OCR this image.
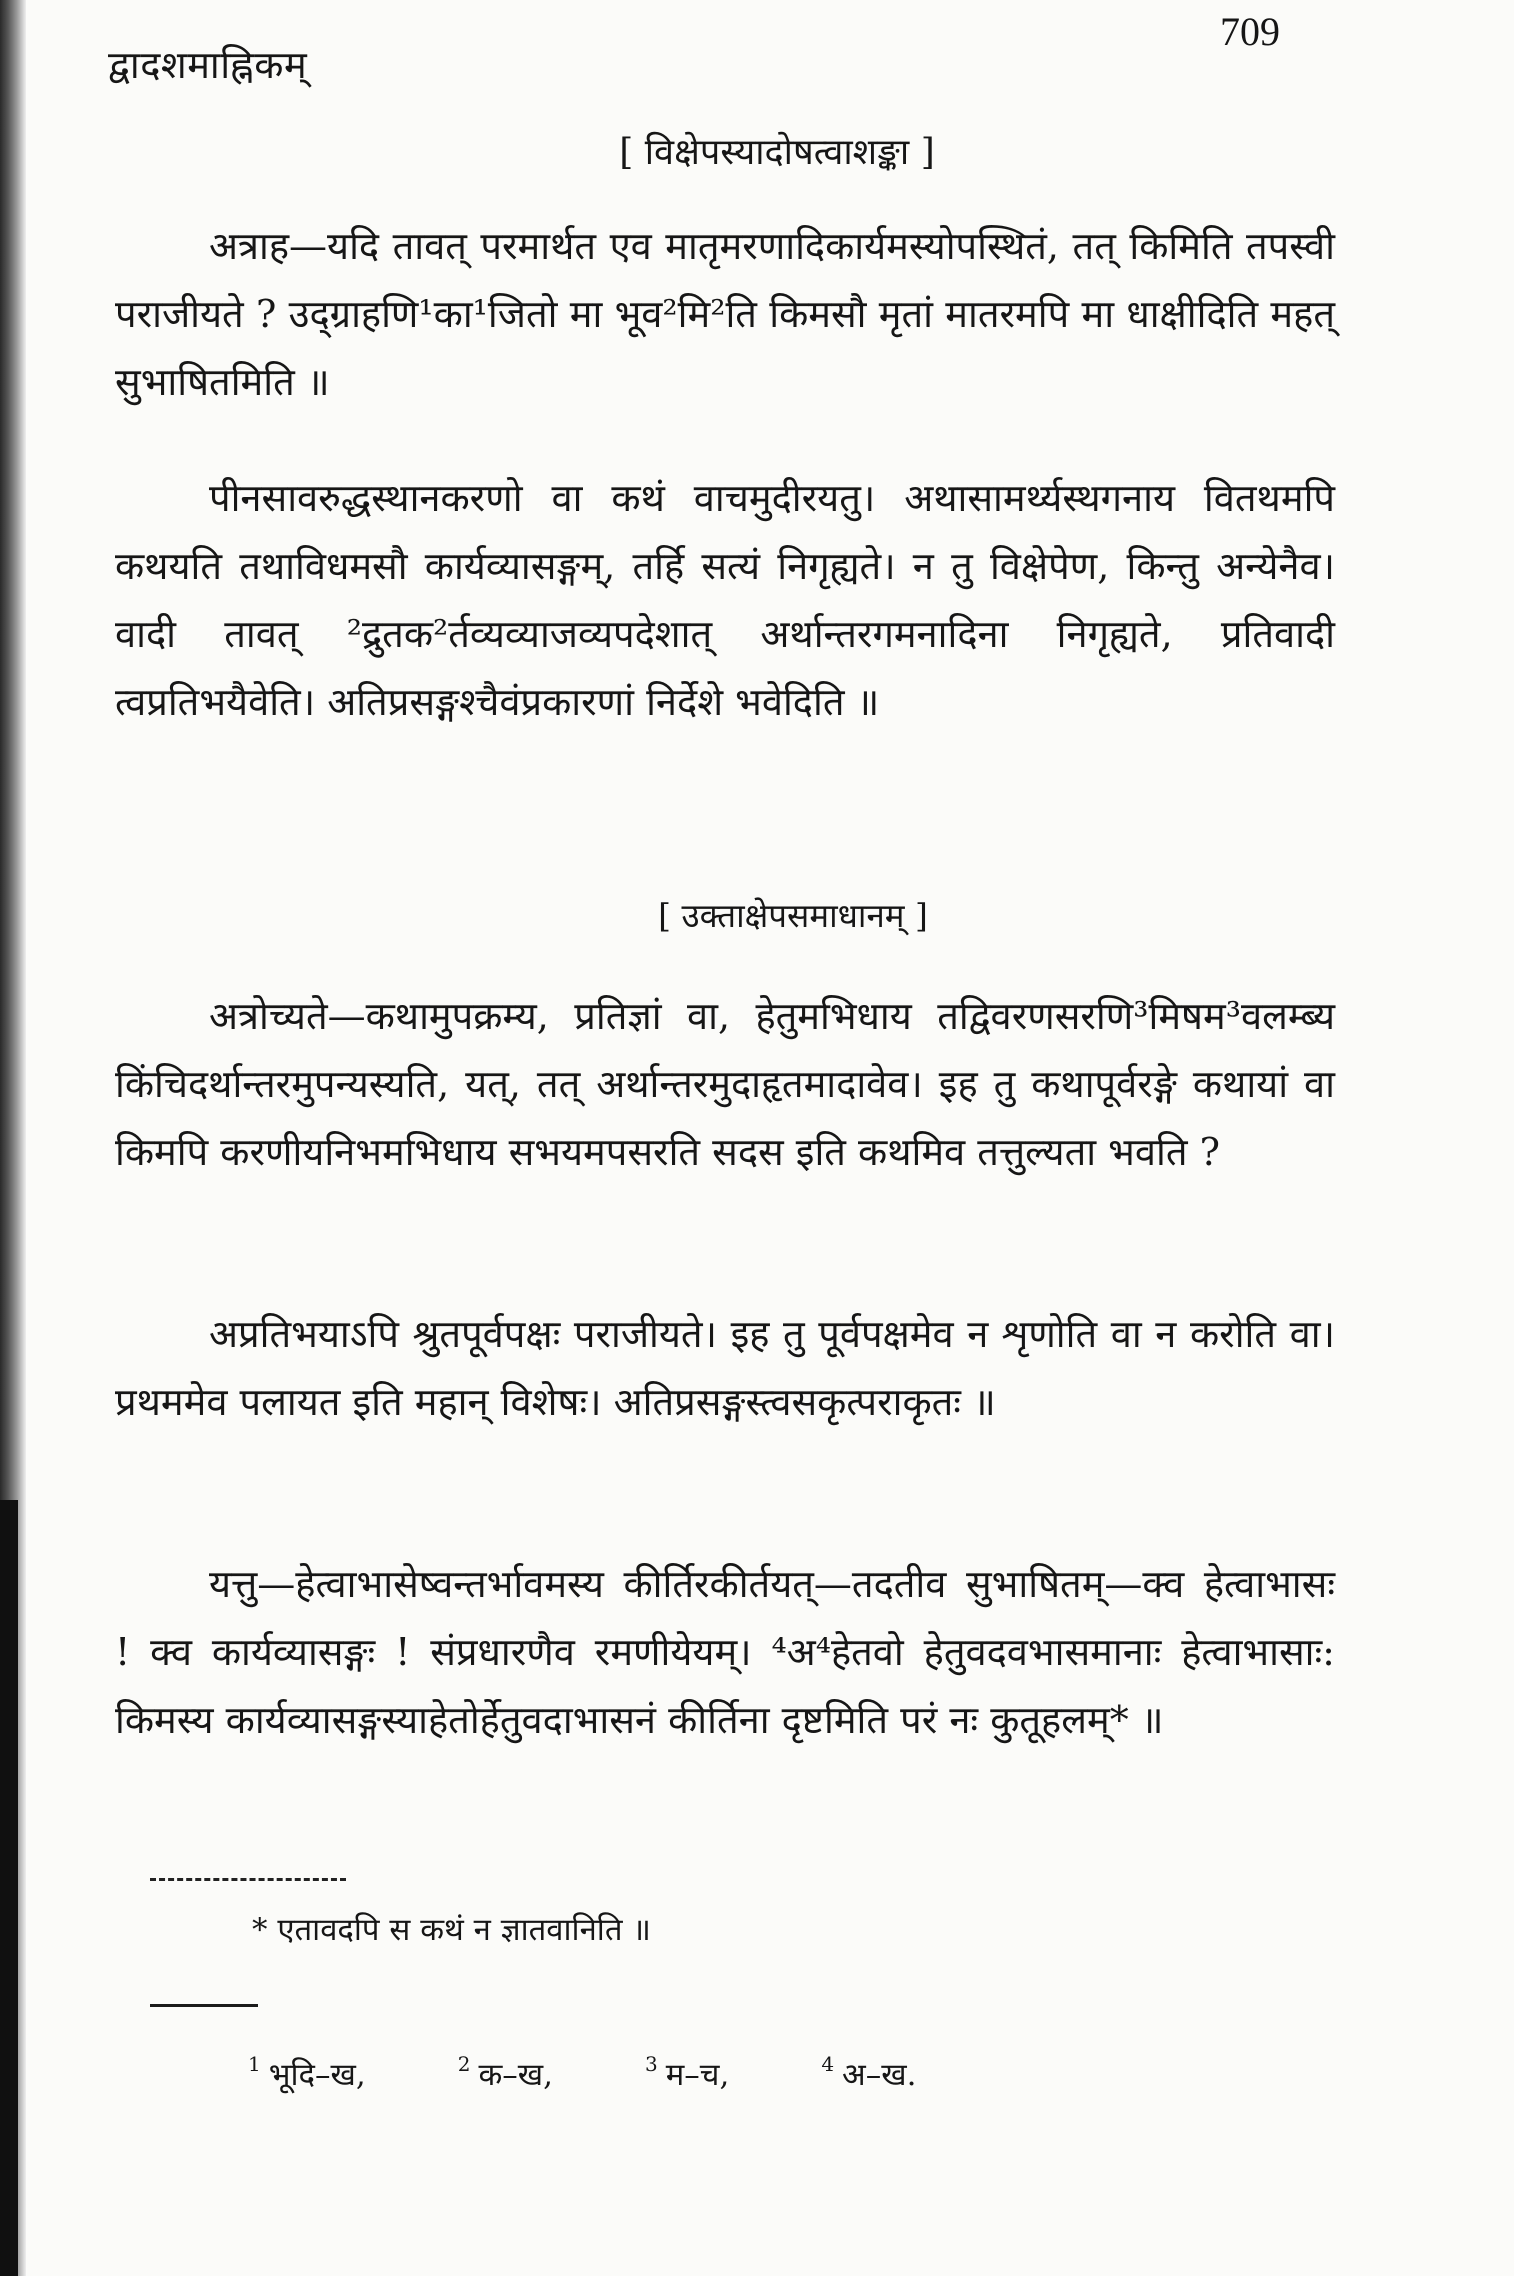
द्वादशमाह्निकम्
709
[ विक्षेपस्यादोषत्वाशङ्का ]
अत्राह—यदि तावत् परमार्थत एव मातृमरणादिकार्यमस्योपस्थितं, तत् किमिति तपस्वी पराजीयते ? उद्ग्राहणि¹का¹जितो मा भूव²मि²ति किमसौ मृतां मातरमपि मा धाक्षीदिति महत् सुभाषितमिति ॥
पीनसावरुद्धस्थानकरणो वा कथं वाचमुदीरयतु। अथासामर्थ्यस्थगनाय वितथमपि कथयति तथाविधमसौ कार्यव्यासङ्गम्, तर्हि सत्यं निगृह्यते। न तु विक्षेपेण, किन्तु अन्येनैव। वादी तावत् ²द्रुतक²र्तव्यव्याजव्यपदेशात् अर्थान्तरगमनादिना निगृह्यते, प्रतिवादी त्वप्रतिभयैवेति। अतिप्रसङ्गश्चैवंप्रकारणां निर्देशे भवेदिति ॥
[ उक्ताक्षेपसमाधानम् ]
अत्रोच्यते—कथामुपक्रम्य, प्रतिज्ञां वा, हेतुमभिधाय तद्विवरणसरणि³मिषम³वलम्ब्य किंचिदर्थान्तरमुपन्यस्यति, यत्, तत् अर्थान्तरमुदाहृतमादावेव। इह तु कथापूर्वरङ्गे कथायां वा किमपि करणीयनिभमभिधाय सभयमपसरति सदस इति कथमिव तत्तुल्यता भवति ?
अप्रतिभयाऽपि श्रुतपूर्वपक्षः पराजीयते। इह तु पूर्वपक्षमेव न शृणोति वा न करोति वा। प्रथममेव पलायत इति महान् विशेषः। अतिप्रसङ्गस्त्वसकृत्पराकृतः ॥
यत्तु—हेत्वाभासेष्वन्तर्भावमस्य कीर्तिरकीर्तयत्—तदतीव सुभाषितम्—क्व हेत्वाभासः ! क्व कार्यव्यासङ्गः ! संप्रधारणैव रमणीयेयम्। ⁴अ⁴हेतवो हेतुवदवभासमानाः हेत्वाभासाः: किमस्य कार्यव्यासङ्गस्याहेतोर्हेतुवदाभासनं कीर्तिना दृष्टमिति परं नः कुतूहलम्* ॥
* एतावदपि स कथं न ज्ञातवानिति ॥
$^1$ भूदि–ख,	$^2$ क–ख,	$^3$ म–च,	$^4$ अ–ख.
